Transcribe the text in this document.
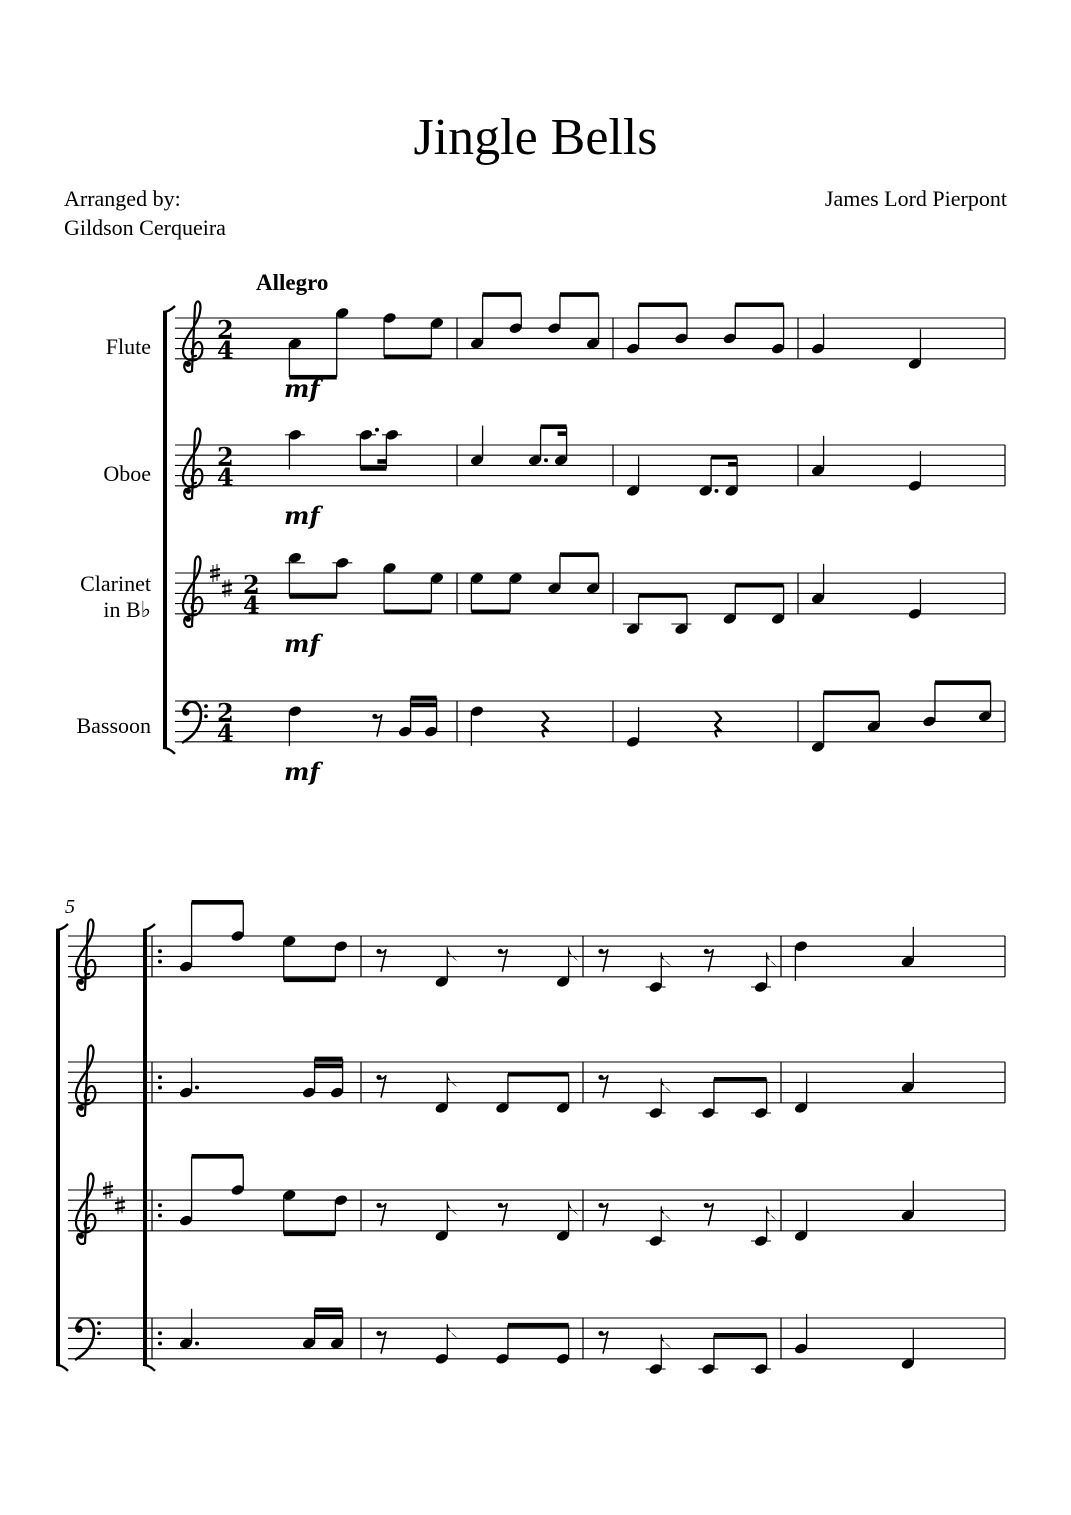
Jingle Bells
Arranged by:
Gildson Cerqueira
James Lord Pierpont
Allegro
Flute
Oboe
Clarinet
in B♭
Bassoon
5
2
4
mf
2
4
mf
2
4
mf
2
4
mf
